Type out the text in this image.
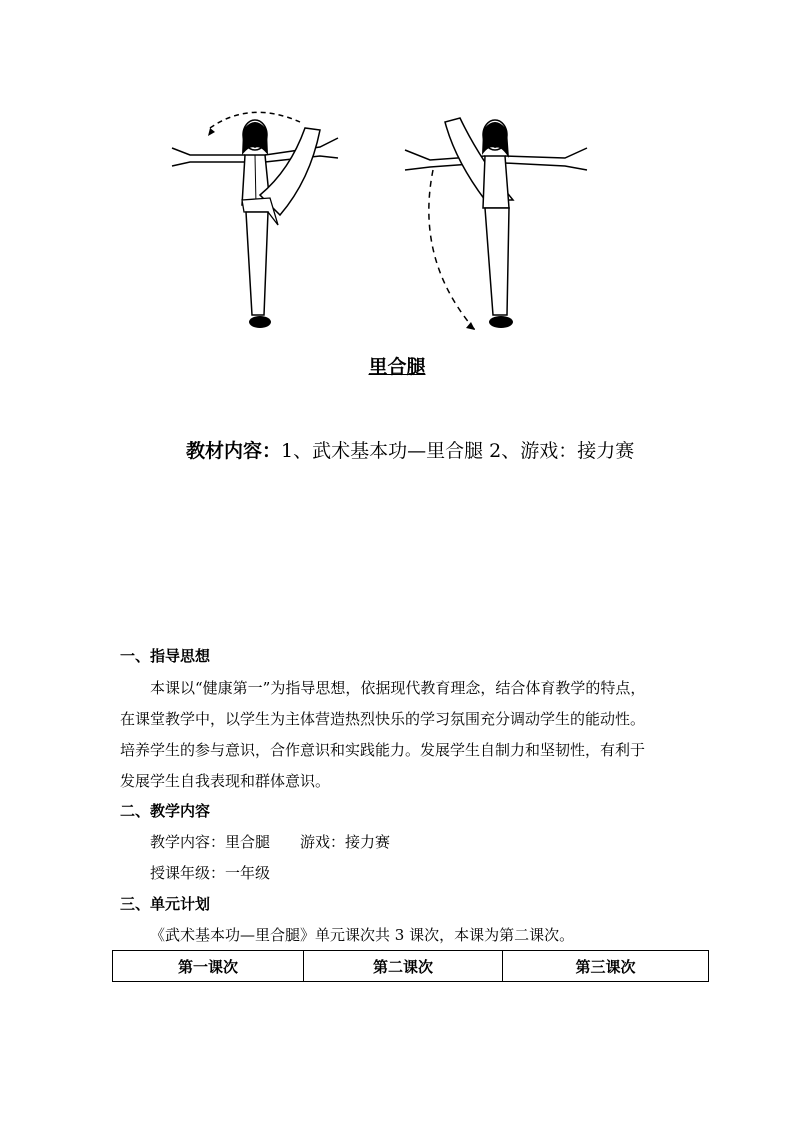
里合腿
教材内容：1、武术基本功—里合腿 2、游戏：接力赛
一、指导思想
　　本课以“健康第一”为指导思想，依据现代教育理念，结合体育教学的特点，
在课堂教学中，以学生为主体营造热烈快乐的学习氛围充分调动学生的能动性。
培养学生的参与意识，合作意识和实践能力。发展学生自制力和坚韧性，有利于
发展学生自我表现和群体意识。
二、教学内容
教学内容：里合腿　　游戏：接力赛
授课年级：一年级
三、单元计划
《武术基本功—里合腿》单元课次共 3 课次，本课为第二课次。
第一课次	第二课次	第三课次
